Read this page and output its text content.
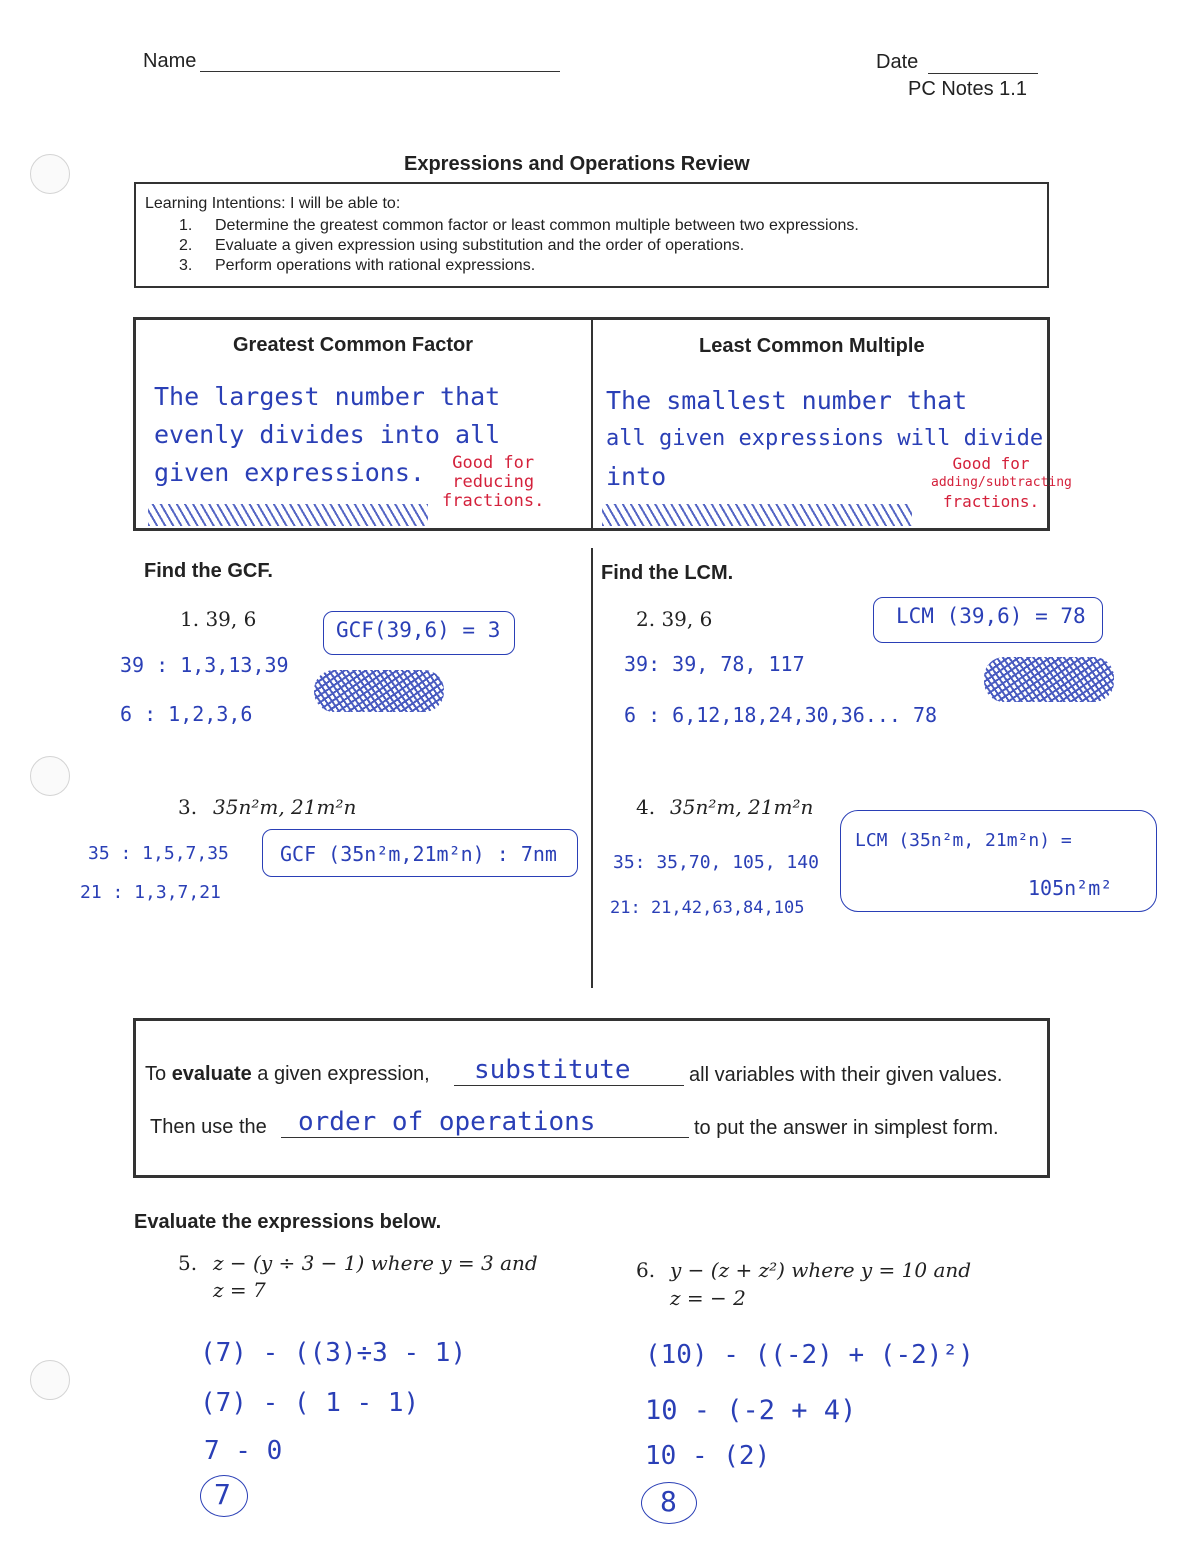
Name	Date
PC Notes 1.1
Expressions and Operations Review
Learning Intentions: I will be able to:
1. Determine the greatest common factor or least common multiple between two expressions.
2. Evaluate a given expression using substitution and the order of operations.
3. Perform operations with rational expressions.
Greatest Common Factor
The largest number that
evenly divides into all
given expressions.	Good for
reducing
fractions.
Least Common Multiple
The smallest number that
all given expressions will divide
into	Good for
adding/subtracting
fractions.
Find the GCF.
1. 39, 6	GCF(39,6) = 3
39 : 1,3,13,39
6 : 1,2,3,6
3. 35n²m, 21m²n
GCF (35n²m,21m²n) : 7nm
35 : 1,5,7,35
21 : 1,3,7,21
Find the LCM.
2. 39, 6	LCM (39,6) = 78
39: 39, 78, 117
6 : 6,12,18,24,30,36... 78
4. 35n²m, 21m²n
LCM (35n²m, 21m²n) =
105n²m²
35: 35,70, 105, 140
21: 21,42,63,84,105
To evaluate a given expression, substitute	all variables with their given values.
Then use the order of operations	to put the answer in simplest form.
Evaluate the expressions below.
5. z − (y ÷ 3 − 1) where y = 3 and
z = 7
(7) - ((3)÷3 - 1)
(7) - ( 1 - 1)
7 - 0
7
6. y − (z + z²) where y = 10 and
z = − 2
(10) - ((-2) + (-2)²)
10 - (-2 + 4)
10 - (2)
8
